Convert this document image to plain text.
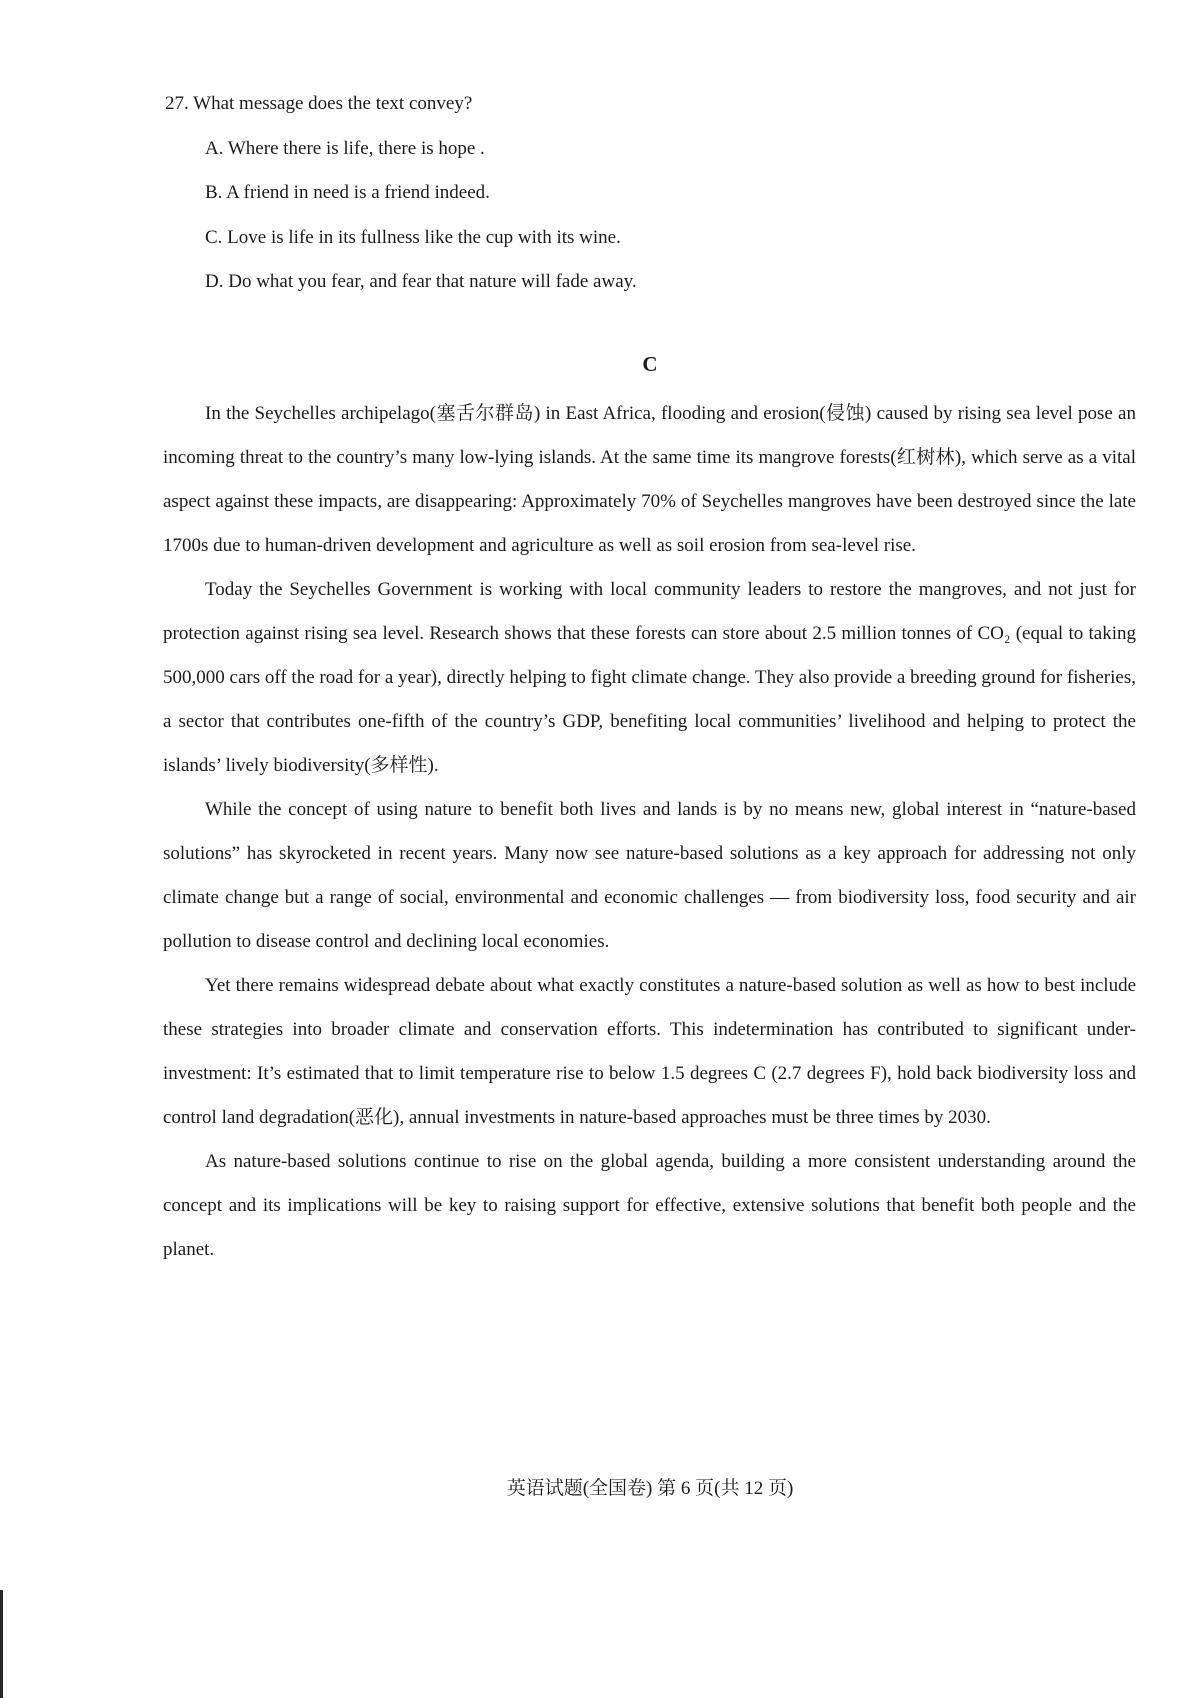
27. What message does the text convey?
A. Where there is life, there is hope .
B. A friend in need is a friend indeed.
C. Love is life in its fullness like the cup with its wine.
D. Do what you fear, and fear that nature will fade away.
C

In the Seychelles archipelago(塞舌尔群岛) in East Africa, flooding and erosion(侵蚀) caused by rising sea level pose an incoming threat to the country’s many low-lying islands. At the same time its mangrove forests(红树林), which serve as a vital aspect against these impacts, are disappearing: Approximately 70% of Seychelles mangroves have been destroyed since the late 1700s due to human-driven development and agriculture as well as soil erosion from sea-level rise.

Today the Seychelles Government is working with local community leaders to restore the mangroves, and not just for protection against rising sea level. Research shows that these forests can store about 2.5 million tonnes of CO₂ (equal to taking 500,000 cars off the road for a year), directly helping to fight climate change. They also provide a breeding ground for fisheries, a sector that contributes one-fifth of the country’s GDP, benefiting local communities’ livelihood and helping to protect the islands’ lively biodiversity(多样性).

While the concept of using nature to benefit both lives and lands is by no means new, global interest in “nature-based solutions” has skyrocketed in recent years. Many now see nature-based solutions as a key approach for addressing not only climate change but a range of social, environmental and economic challenges — from biodiversity loss, food security and air pollution to disease control and declining local economies.

Yet there remains widespread debate about what exactly constitutes a nature-based solution as well as how to best include these strategies into broader climate and conservation efforts. This indetermination has contributed to significant under-investment: It’s estimated that to limit temperature rise to below 1.5 degrees C (2.7 degrees F), hold back biodiversity loss and control land degradation(恶化), annual investments in nature-based approaches must be three times by 2030.

As nature-based solutions continue to rise on the global agenda, building a more consistent understanding around the concept and its implications will be key to raising support for effective, extensive solutions that benefit both people and the planet.

英语试题(全国卷) 第 6 页(共 12 页)
